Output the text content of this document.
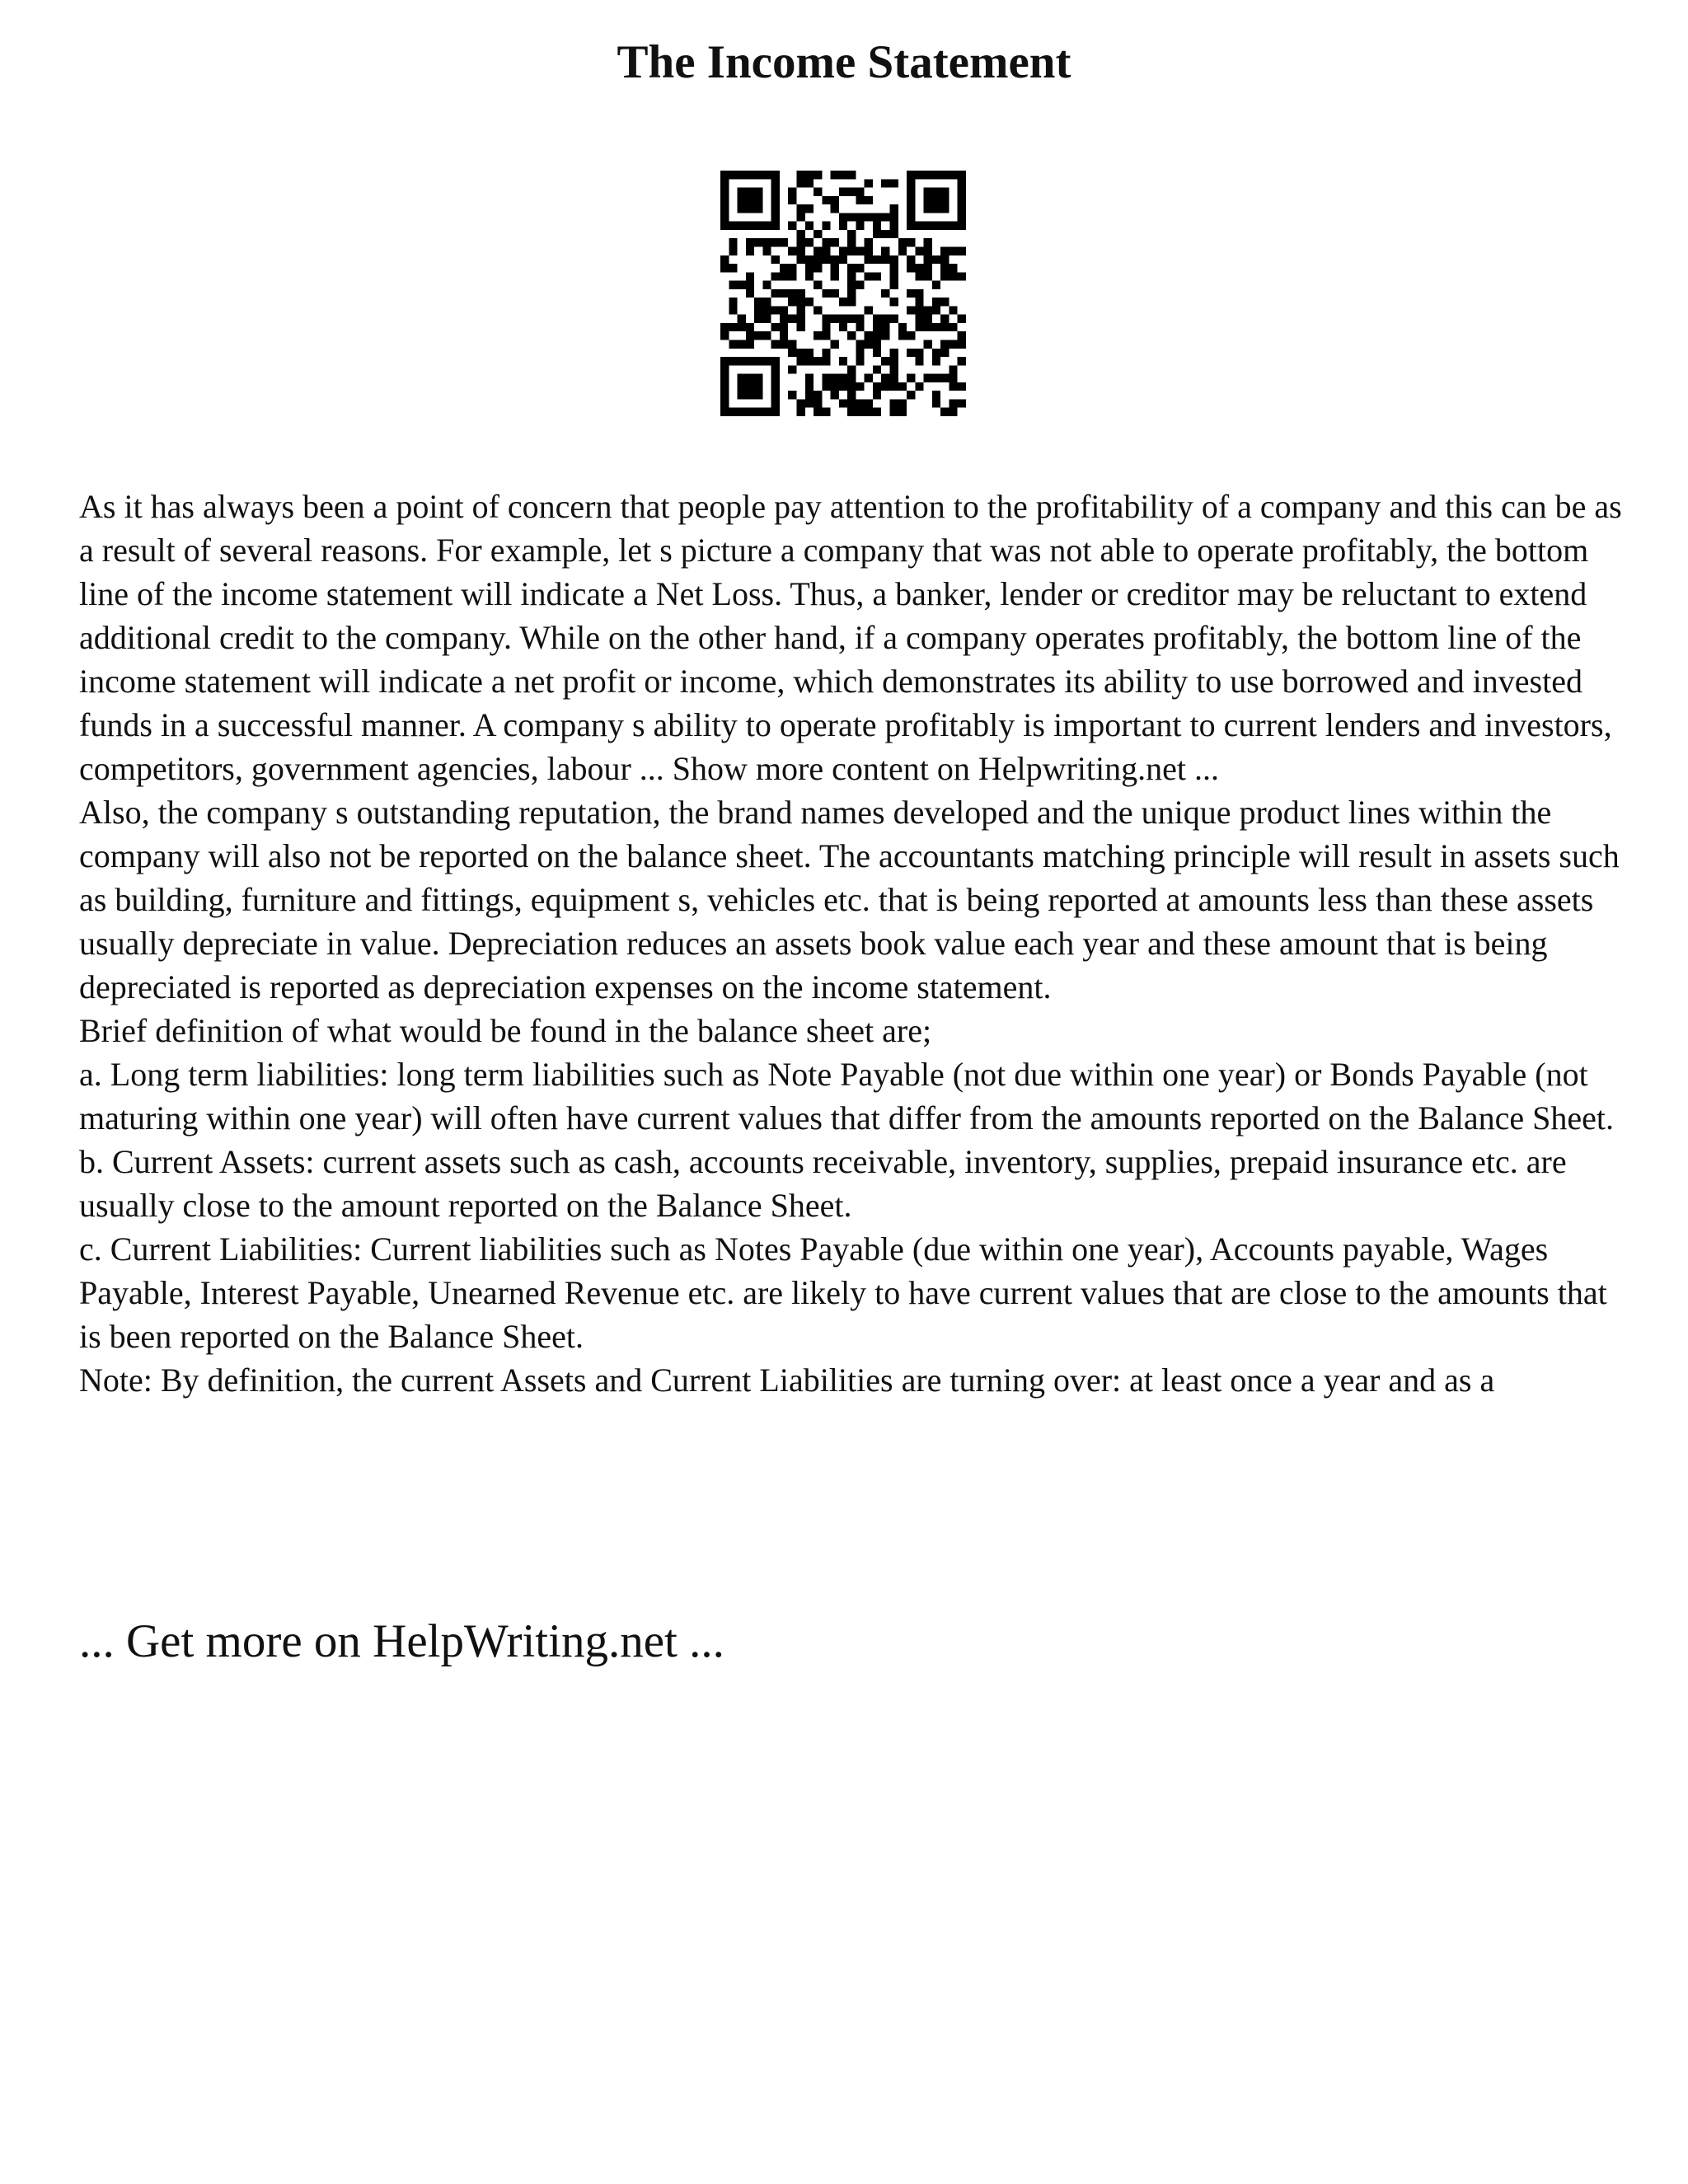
The Income Statement

As it has always been a point of concern that people pay attention to the profitability of a company and this can be as a result of several reasons. For example, let s picture a company that was not able to operate profitably, the bottom line of the income statement will indicate a Net Loss. Thus, a banker, lender or creditor may be reluctant to extend additional credit to the company. While on the other hand, if a company operates profitably, the bottom line of the income statement will indicate a net profit or income, which demonstrates its ability to use borrowed and invested funds in a successful manner. A company s ability to operate profitably is important to current lenders and investors, competitors, government agencies, labour ... Show more content on Helpwriting.net ...

Also, the company s outstanding reputation, the brand names developed and the unique product lines within the company will also not be reported on the balance sheet. The accountants matching principle will result in assets such as building, furniture and fittings, equipment s, vehicles etc. that is being reported at amounts less than these assets usually depreciate in value. Depreciation reduces an assets book value each year and these amount that is being depreciated is reported as depreciation expenses on the income statement.

Brief definition of what would be found in the balance sheet are;

a. Long term liabilities: long term liabilities such as Note Payable (not due within one year) or Bonds Payable (not maturing within one year) will often have current values that differ from the amounts reported on the Balance Sheet.

b. Current Assets: current assets such as cash, accounts receivable, inventory, supplies, prepaid insurance etc. are usually close to the amount reported on the Balance Sheet.

c. Current Liabilities: Current liabilities such as Notes Payable (due within one year), Accounts payable, Wages Payable, Interest Payable, Unearned Revenue etc. are likely to have current values that are close to the amounts that is been reported on the Balance Sheet.

Note: By definition, the current Assets and Current Liabilities are turning over: at least once a year and as a

... Get more on HelpWriting.net ...
